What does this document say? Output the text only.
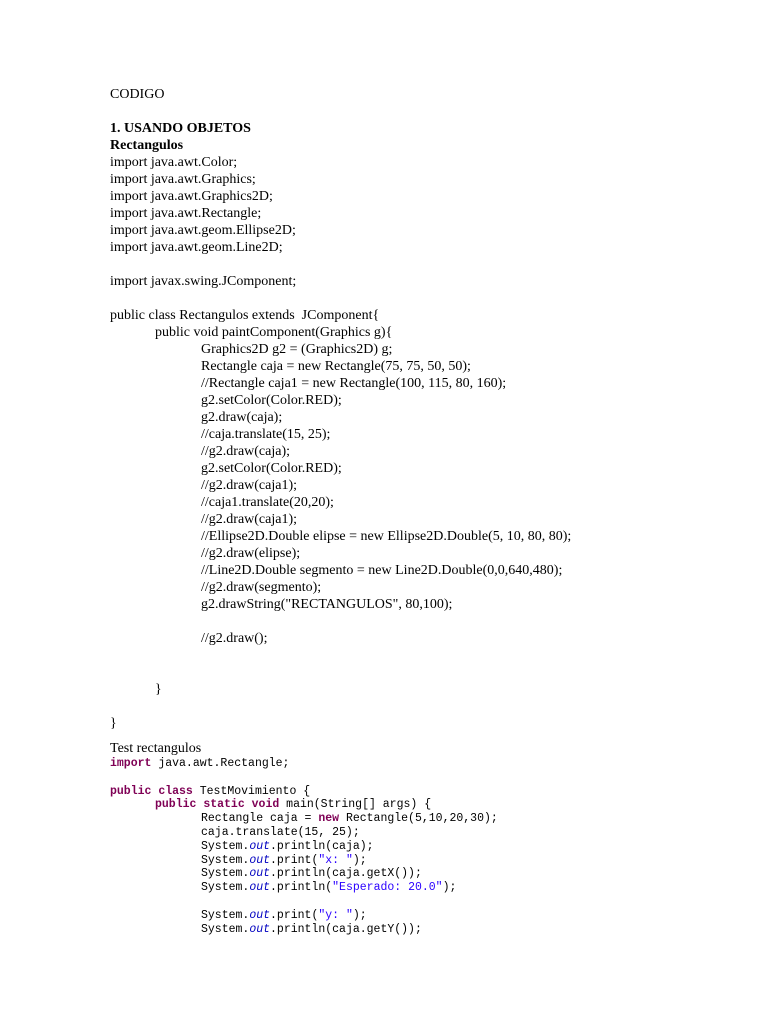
CODIGO
1. USANDO OBJETOS
Rectangulos
import java.awt.Color;
import java.awt.Graphics;
import java.awt.Graphics2D;
import java.awt.Rectangle;
import java.awt.geom.Ellipse2D;
import java.awt.geom.Line2D;
import javax.swing.JComponent;
public class Rectangulos extends  JComponent{
public void paintComponent(Graphics g){
Graphics2D g2 = (Graphics2D) g;
Rectangle caja = new Rectangle(75, 75, 50, 50);
//Rectangle caja1 = new Rectangle(100, 115, 80, 160);
g2.setColor(Color.RED);
g2.draw(caja);
//caja.translate(15, 25);
//g2.draw(caja);
g2.setColor(Color.RED);
//g2.draw(caja1);
//caja1.translate(20,20);
//g2.draw(caja1);
//Ellipse2D.Double elipse = new Ellipse2D.Double(5, 10, 80, 80);
//g2.draw(elipse);
//Line2D.Double segmento = new Line2D.Double(0,0,640,480);
//g2.draw(segmento);
g2.drawString("RECTANGULOS", 80,100);
//g2.draw();
}
}
Test rectangulos
import java.awt.Rectangle;
public class TestMovimiento {
public static void main(String[] args) {
Rectangle caja = new Rectangle(5,10,20,30);
caja.translate(15, 25);
System.out.println(caja);
System.out.print("x: ");
System.out.println(caja.getX());
System.out.println("Esperado: 20.0");
System.out.print("y: ");
System.out.println(caja.getY());
